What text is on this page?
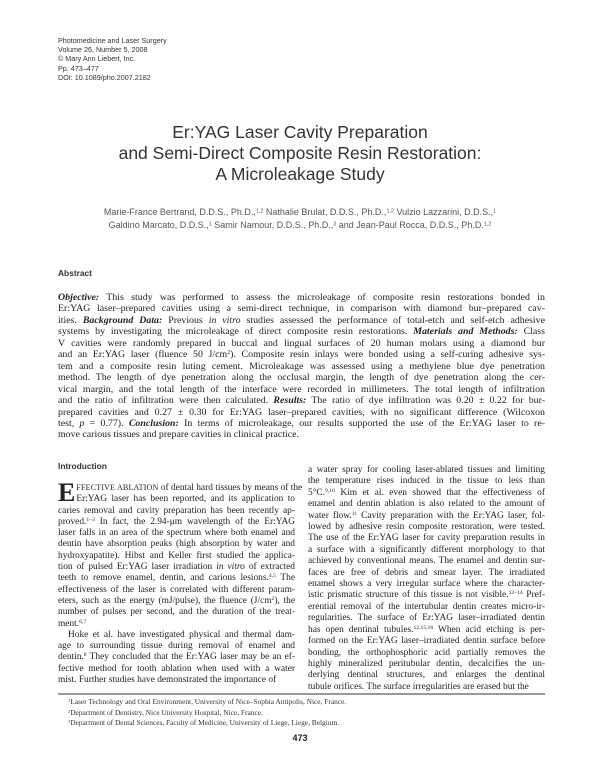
Photomedicine and Laser Surgery
Volume 26, Number 5, 2008
© Mary Ann Liebert, Inc.
Pp. 473–477
DOI: 10.1089/pho.2007.2182
Er:YAG Laser Cavity Preparation
and Semi-Direct Composite Resin Restoration:
A Microleakage Study
Marie-France Bertrand, D.D.S., Ph.D.,$^{1,2}$ Nathalie Brulat, D.D.S., Ph.D.,$^{1,2}$ Vulzio Lazzarini, D.D.S.,$^1$
Galdino Marcato, D.D.S.,$^1$ Samir Namour, D.D.S., Ph.D.,$^3$ and Jean-Paul Rocca, D.D.S., Ph.D.$^{1,2}$
Abstract
Objective: This study was performed to assess the microleakage of composite resin restorations bonded in
Er:YAG laser–prepared cavities using a semi-direct technique, in comparison with diamond bur–prepared cav-
ities. Background Data: Previous in vitro studies assessed the performance of total-etch and self-etch adhesive
systems by investigating the microleakage of direct composite resin restorations. Materials and Methods: Class
V cavities were randomly prepared in buccal and lingual surfaces of 20 human molars using a diamond bur
and an Er:YAG laser (fluence 50 $J/cm^2$). Composite resin inlays were bonded using a self-curing adhesive sys-
tem and a composite resin luting cement. Microleakage was assessed using a methylene blue dye penetration
method. The length of dye penetration along the occlusal margin, the length of dye penetration along the cer-
vical margin, and the total length of the interface were recorded in millimeters. The total length of infiltration
and the ratio of infiltration were then calculated. Results: The ratio of dye infiltration was 0.20 ± 0.22 for bur-
prepared cavities and 0.27 ± 0.30 for Er:YAG laser–prepared cavities, with no significant difference (Wilcoxon
test, p = 0.77). Conclusion: In terms of microleakage, our results supported the use of the Er:YAG laser to re-
move carious tissues and prepare cavities in clinical practice.
Introduction
E FFECTIVE ABLATION of dental hard tissues by means of the
Er:YAG laser has been reported, and its application to
caries removal and cavity preparation has been recently ap-
proved.$^{1-3}$ In fact, the 2.94-μm wavelength of the Er:YAG
laser falls in an area of the spectrum where both enamel and
dentin have absorption peaks (high absorption by water and
hydroxyapatite). Hibst and Keller first studied the applica-
tion of pulsed Er:YAG laser irradiation in vitro of extracted
teeth to remove enamel, dentin, and carious lesions.$^{4,5}$ The
effectiveness of the laser is correlated with different param-
eters, such as the energy (mJ/pulse), the fluence $(J/cm^2)$, the
number of pulses per second, and the duration of the treat-
ment.$^{6,7}$
Hoke et al. have investigated physical and thermal dam-
age to surrounding tissue during removal of enamel and
dentin.$^8$ They concluded that the Er:YAG laser may be an ef-
fective method for tooth ablation when used with a water
mist. Further studies have demonstrated the importance of
a water spray for cooling laser-ablated tissues and limiting
the temperature rises induced in the tissue to less than
5°C.$^{9,10}$ Kim et al. even showed that the effectiveness of
enamel and dentin ablation is also related to the amount of
water flow.$^{11}$ Cavity preparation with the Er:YAG laser, fol-
lowed by adhesive resin composite restoration, were tested.
The use of the Er:YAG laser for cavity preparation results in
a surface with a significantly different morphology to that
achieved by conventional means. The enamel and dentin sur-
faces are free of debris and smear layer. The irradiated
enamel shows a very irregular surface where the character-
istic prismatic structure of this tissue is not visible.$^{12-14}$ Pref-
erential removal of the intertubular dentin creates micro-ir-
regularities. The surface of Er:YAG laser–irradiated dentin
has open dentinal tubules.$^{12,15,16}$ When acid etching is per-
formed on the Er:YAG laser–irradiated dentin surface before
bonding, the orthophosphoric acid partially removes the
highly mineralized peritubular dentin, decalcifies the un-
derlying dentinal structures, and enlarges the dentinal
tubule orifices. The surface irregularities are erased but the
$^1$Laser Technology and Oral Environment, University of Nice–Sophia Antipolis, Nice, France.
$^2$Department of Dentistry, Nice University Hospital, Nice, France.
$^3$Department of Dental Sciences, Faculty of Medicine, University of Liege, Liege, Belgium.
473
